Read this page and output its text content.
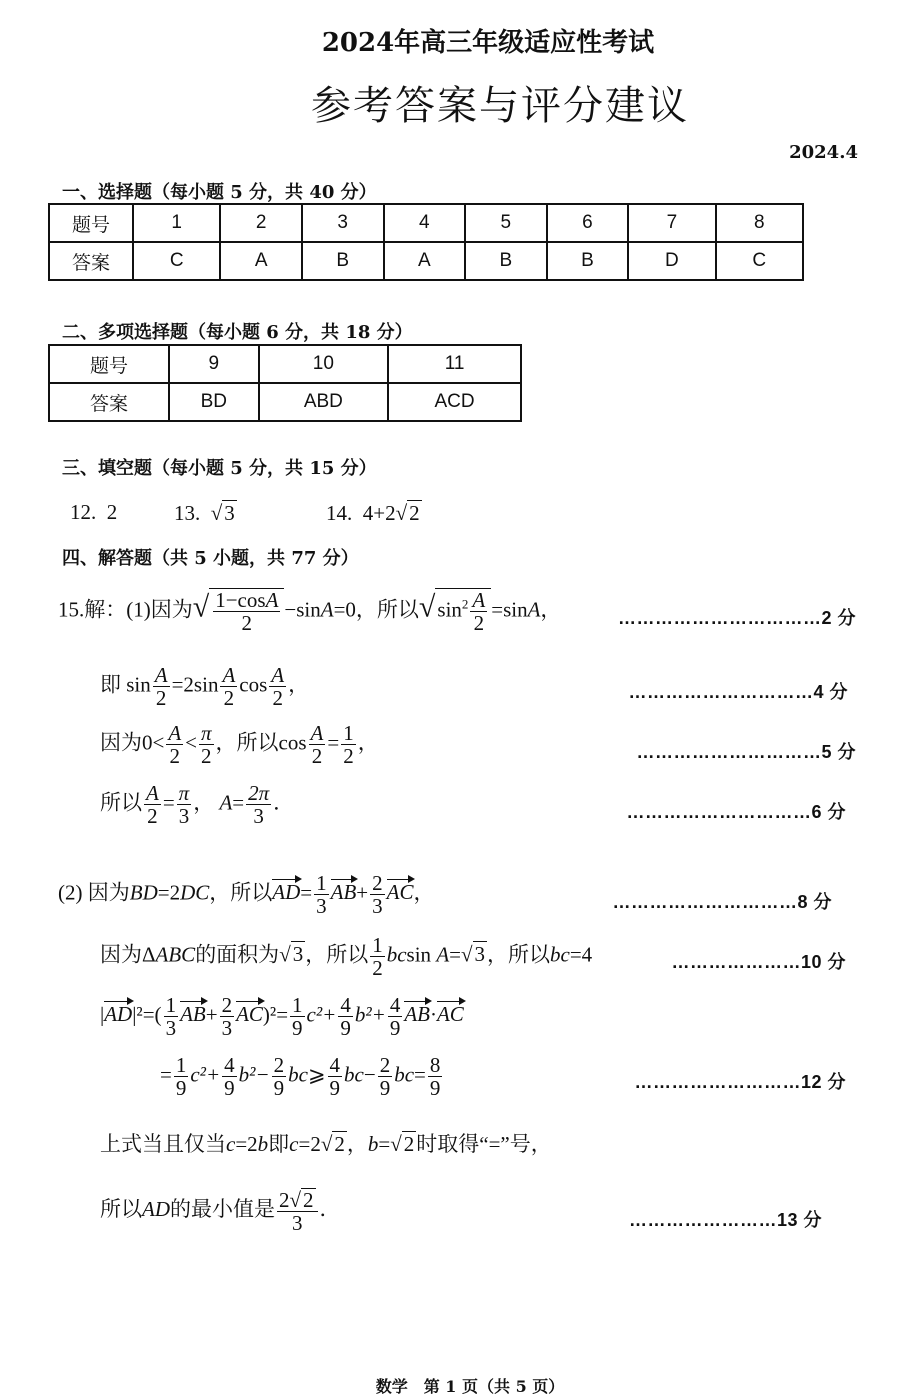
2024年高三年级适应性考试
参考答案与评分建议
2024.4
一、选择题（每小题 5 分，共 40 分）
题号	1	2	3	4	5	6	7	8
答案	C	A	B	A	B	B	D	C
二、多项选择题（每小题 6 分，共 18 分）
题号	9	10	11
答案	BD	ABD	ACD
三、填空题（每小题 5 分，共 15 分）
12. 2	13. √3	14. 4+2√2
四、解答题（共 5 小题，共 77 分）
15.解：(1)因为√ $\frac{1-\cos A}{2} -\sin A=0$，所以$√\sin^2 \frac{A}{2} =\sin A$，	……………………………2 分
即 $\sin \frac{A}{2} =2\sin \frac{A}{2}$ $\cos \frac{A}{2}$ ，	…………………………4 分
因为$0< \frac{A}{2} < \frac{\pi}{2}$ ，所以$\cos \frac{A}{2} = \frac{1}{2}$ ，	…………………………5 分
所以 $\frac{A}{2} = \frac{\pi}{3}$ ， $A= \frac{2\pi}{3}$ ．	…………………………6 分
(2) 因为BD=2DC，所以$AD= \frac{1}{3} AB+ \frac{2}{3}$ AC，	…………………………8 分
因为ΔABC的面积为√3，所以 $\frac{1}{2}$ bcsin A=√3，所以bc=4	…………………10 分
$|AD|^2=( \frac{1}{3} AB+ \frac{2}{3} AC)^2= \frac{1}{9} c^2+ \frac{4}{9} b^2+ \frac{4}{9} AB\cdot AC$
= $\frac{1}{9} c^2+ \frac{4}{9} b^2- \frac{2}{9}$ bc⩾ $\frac{4}{9} bc- \frac{2}{9} bc= \frac{8}{9}$	………………………12 分
上式当且仅当c=2b即c=2√2，b=√2时取得“=”号，
所以AD的最小值是 $\frac{2√2}{3}$ ．	……………………13 分
数学　第 1 页（共 5 页）
